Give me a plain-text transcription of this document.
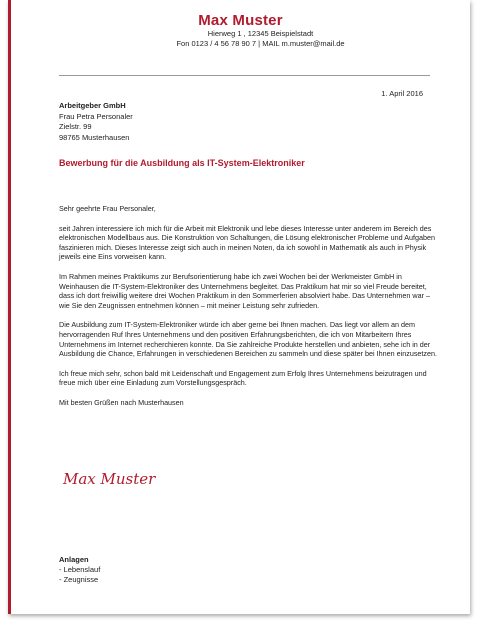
Max Muster
Hierweg 1 , 12345 Beispielstadt
Fon 0123 / 4 56 78 90 7 | MAIL m.muster@mail.de
1. April 2016
Arbeitgeber GmbH
Frau Petra Personaler
Zielstr. 99
98765 Musterhausen
Bewerbung für die Ausbildung als IT-System-Elektroniker

Sehr geehrte Frau Personaler,

seit Jahren interessiere ich mich für die Arbeit mit Elektronik und lebe dieses Interesse unter anderem im Bereich des elektronischen Modellbaus aus. Die Konstruktion von Schaltungen, die Lösung elektronischer Probleme und Aufgaben faszinieren mich. Dieses Interesse zeigt sich auch in meinen Noten, da ich sowohl in Mathematik als auch in Physik jeweils eine Eins vorweisen kann.

Im Rahmen meines Praktikums zur Berufsorientierung habe ich zwei Wochen bei der Werkmeister GmbH in Weinhausen die IT-System-Elektroniker des Unternehmens begleitet. Das Praktikum hat mir so viel Freude bereitet, dass ich dort freiwillig weitere drei Wochen Praktikum in den Sommerferien absolviert habe. Das Unternehmen war – wie Sie den Zeugnissen entnehmen können – mit meiner Leistung sehr zufrieden.

Die Ausbildung zum IT-System-Elektroniker würde ich aber gerne bei Ihnen machen. Das liegt vor allem an dem hervorragenden Ruf Ihres Unternehmens und den positiven Erfahrungsberichten, die ich von Mitarbeitern Ihres Unternehmens im Internet recherchieren konnte. Da Sie zahlreiche Produkte herstellen und anbieten, sehe ich in der Ausbildung die Chance, Erfahrungen in verschiedenen Bereichen zu sammeln und diese später bei Ihnen einzusetzen.

Ich freue mich sehr, schon bald mit Leidenschaft und Engagement zum Erfolg Ihres Unternehmens beizutragen und freue mich über eine Einladung zum Vorstellungsgespräch.

Mit besten Grüßen nach Musterhausen

Max Muster
Anlagen
- Lebenslauf
- Zeugnisse
